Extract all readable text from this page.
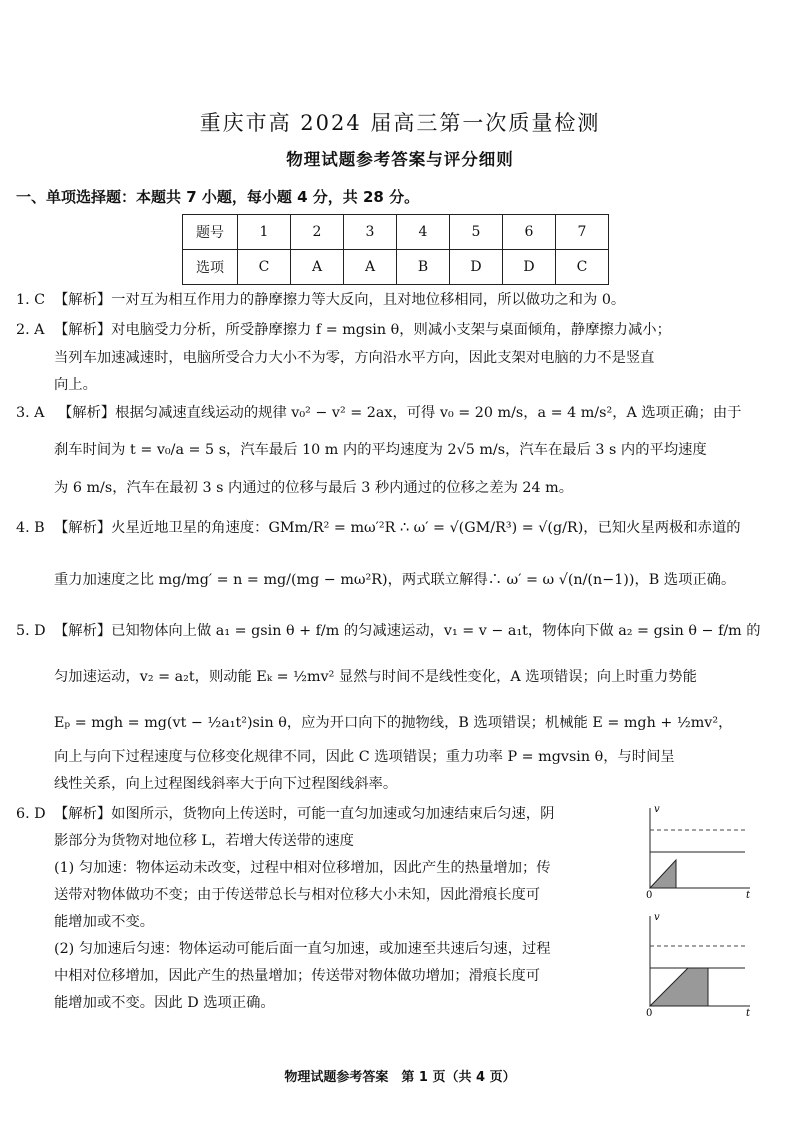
重庆市高 2024 届高三第一次质量检测
物理试题参考答案与评分细则
一、单项选择题：本题共 7 小题，每小题 4 分，共 28 分。
题号	1	2	3	4	5	6	7
选项	C	A	A	B	D	D	C
1. C 【解析】一对互为相互作用力的静摩擦力等大反向，且对地位移相同，所以做功之和为 0。
2. A 【解析】对电脑受力分析，所受静摩擦力 f = mgsin θ，则减小支架与桌面倾角，静摩擦力减小；
当列车加速减速时，电脑所受合力大小不为零，方向沿水平方向，因此支架对电脑的力不是竖直
向上。
3. A 【解析】根据匀减速直线运动的规律 v₀² − v² = 2ax，可得 v₀ = 20 m/s，a = 4 m/s²，A 选项正确；由于
刹车时间为 t = v₀/a = 5 s，汽车最后 10 m 内的平均速度为 2√5 m/s，汽车在最后 3 s 内的平均速度
为 6 m/s，汽车在最初 3 s 内通过的位移与最后 3 秒内通过的位移之差为 24 m。
4. B 【解析】火星近地卫星的角速度：GMm/R² = mω′²R ∴ ω′ = √(GM/R³) = √(g/R)，已知火星两极和赤道的
重力加速度之比 mg/mg′ = n = mg/(mg − mω²R)，两式联立解得∴ ω′ = ω √(n/(n−1))，B 选项正确。
5. D 【解析】已知物体向上做 a₁ = gsin θ + f/m 的匀减速运动，v₁ = v − a₁t，物体向下做 a₂ = gsin θ − f/m 的
匀加速运动，v₂ = a₂t，则动能 Eₖ = ½mv² 显然与时间不是线性变化，A 选项错误；向上时重力势能
Eₚ = mgh = mg(vt − ½a₁t²)sin θ，应为开口向下的抛物线，B 选项错误；机械能 E = mgh + ½mv²，
向上与向下过程速度与位移变化规律不同，因此 C 选项错误；重力功率 P = mgvsin θ，与时间呈
线性关系，向上过程图线斜率大于向下过程图线斜率。
6. D 【解析】如图所示，货物向上传送时，可能一直匀加速或匀加速结束后匀速，阴
影部分为货物对地位移 L，若增大传送带的速度
(1) 匀加速：物体运动未改变，过程中相对位移增加，因此产生的热量增加；传
送带对物体做功不变；由于传送带总长与相对位移大小未知，因此滑痕长度可
能增加或不变。
(2) 匀加速后匀速：物体运动可能后面一直匀加速，或加速至共速后匀速，过程
中相对位移增加，因此产生的热量增加；传送带对物体做功增加；滑痕长度可
能增加或不变。因此 D 选项正确。
v
t
0
v
t
0
物理试题参考答案　第 1 页（共 4 页）
